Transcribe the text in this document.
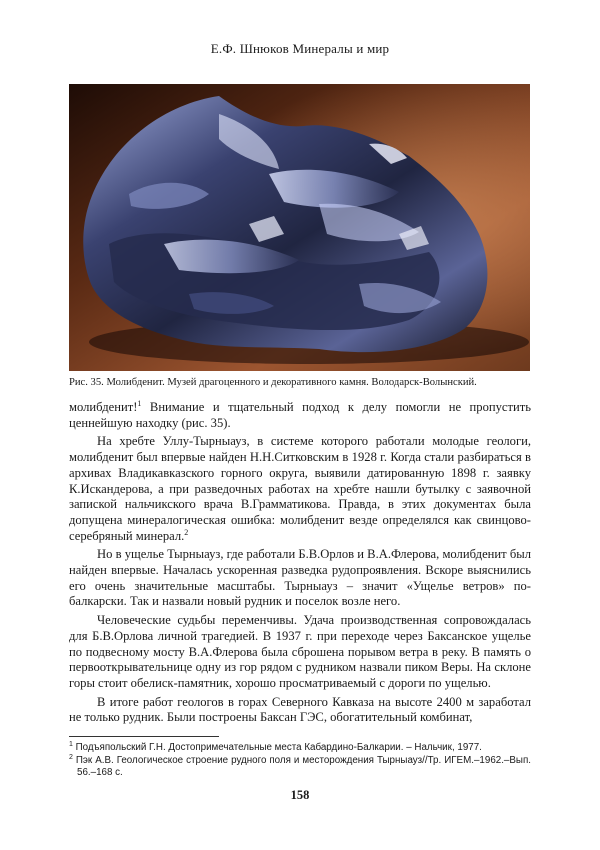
Е.Ф. Шнюков Минералы и мир
Рис. 35. Молибденит. Музей драгоценного и декоративного камня. Володарск-Волынский.

молибденит!$^1$ Внимание и тщательный подход к делу помогли не пропустить ценнейшую находку (рис. 35).

На хребте Уллу-Тырныауз, в системе которого работали молодые геологи, молибденит был впервые найден Н.Н.Ситковским в 1928 г. Когда стали разбираться в архивах Владикавказского горного округа, выявили датированную 1898 г. заявку К.Искандерова, а при разведочных работах на хребте нашли бутылку с заявочной запиской нальчикского врача В.Грамматикова. Правда, в этих документах была допущена минералогическая ошибка: молибденит везде определялся как свинцово-серебряный минерал.$^2$

Но в ущелье Тырныауз, где работали Б.В.Орлов и В.А.Флерова, молибденит был найден впервые. Началась ускоренная разведка рудопроявления. Вскоре выяснились его очень значительные масштабы. Тырныауз – значит «Ущелье ветров» по-балкарски. Так и назвали новый рудник и поселок возле него.

Человеческие судьбы переменчивы. Удача производственная сопровождалась для Б.В.Орлова личной трагедией. В 1937 г. при переходе через Баксанское ущелье по подвесному мосту В.А.Флерова была сброшена порывом ветра в реку. В память о первооткрывательнице одну из гор рядом с рудником назвали пиком Веры. На склоне горы стоит обелиск-памятник, хорошо просматриваемый с дороги по ущелью.

В итоге работ геологов в горах Северного Кавказа на высоте 2400 м заработал не только рудник. Были построены Баксан ГЭС, обогатительный комбинат,

$^1$ Подъяпольский Г.Н. Достопримечательные места Кабардино-Балкарии. – Нальчик, 1977.
$^2$ Пэк А.В. Геологическое строение рудного поля и месторождения Тырныауз//Тр. ИГЕМ.–1962.–Вып. 56.–168 с.
158
